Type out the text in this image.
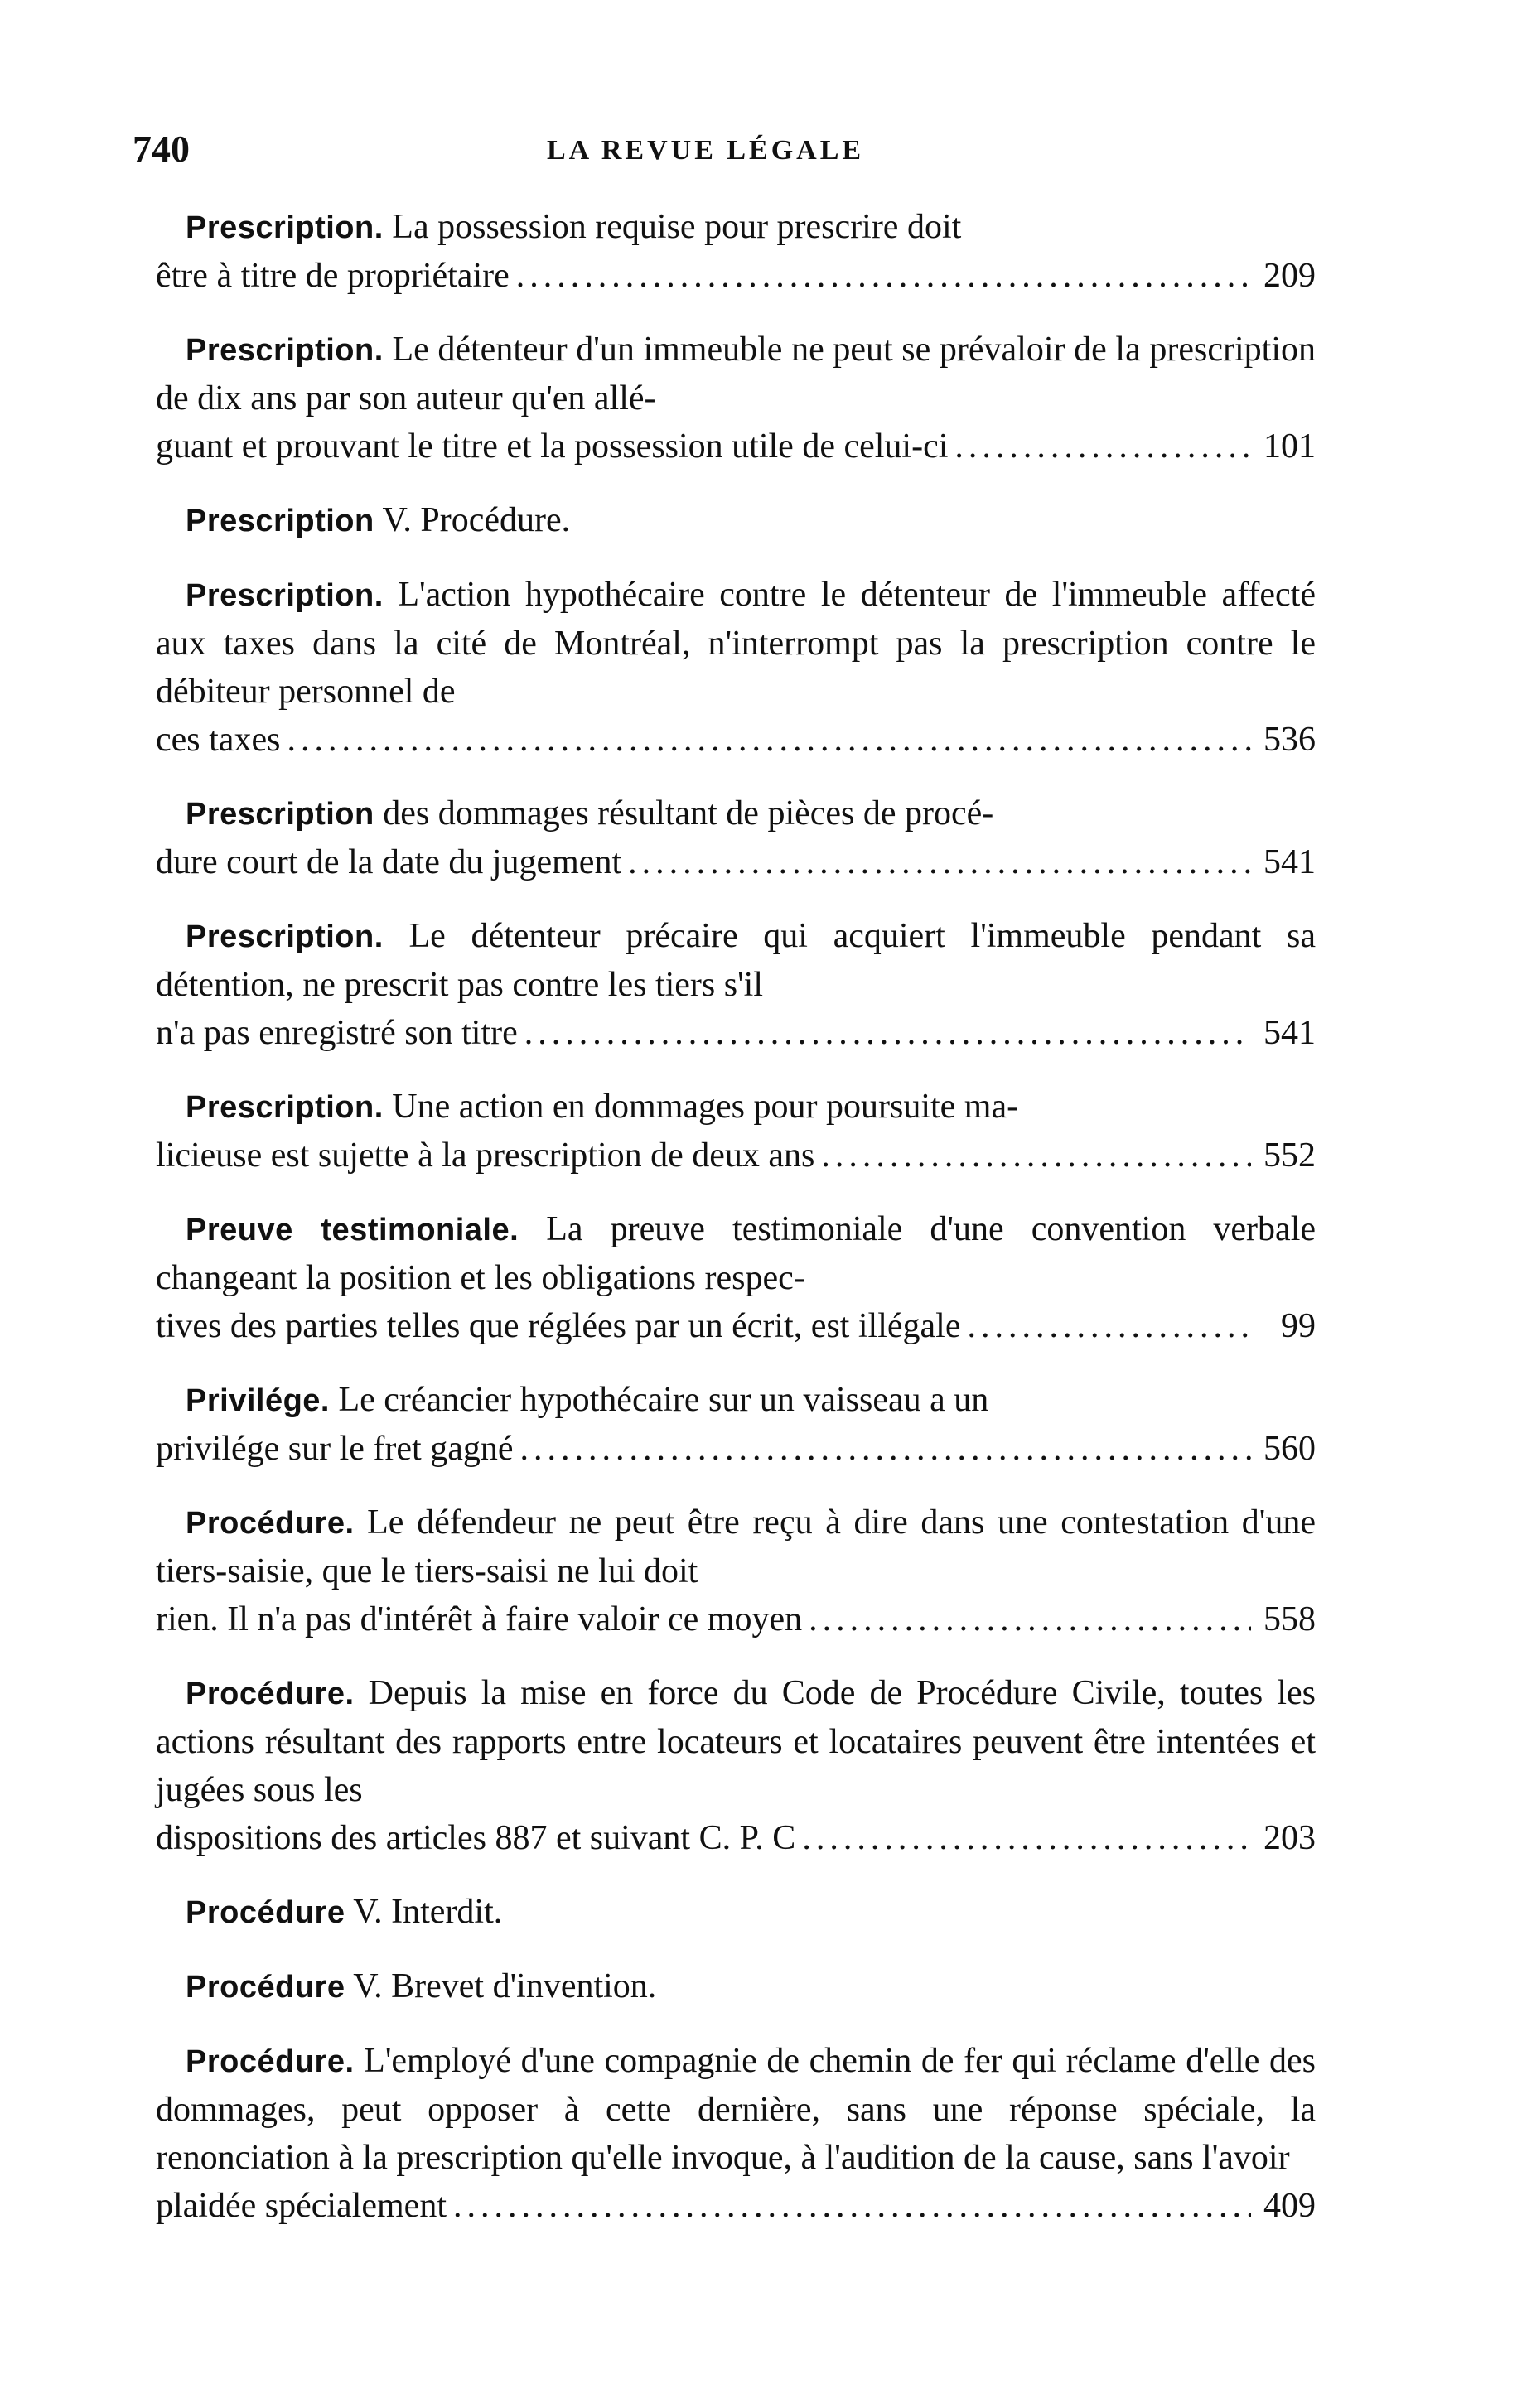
740	LA REVUE LÉGALE
Prescription. La possession requise pour prescrire doit
être à titre de propriétaire .....	209
Prescription. Le détenteur d'un immeuble ne peut se prévaloir de la prescription de dix ans par son auteur qu'en allé-
guant et prouvant le titre et la possession utile de celui-ci .....	101
Prescription V. Procédure.
Prescription. L'action hypothécaire contre le détenteur de l'immeuble affecté aux taxes dans la cité de Montréal, n'interrompt pas la prescription contre le débiteur personnel de
ces taxes .....	536
Prescription des dommages résultant de pièces de procé-
dure court de la date du jugement .....	541
Prescription. Le détenteur précaire qui acquiert l'immeuble pendant sa détention, ne prescrit pas contre les tiers s'il
n'a pas enregistré son titre .....	541
Prescription. Une action en dommages pour poursuite ma-
licieuse est sujette à la prescription de deux ans .....	552
Preuve testimoniale. La preuve testimoniale d'une convention verbale changeant la position et les obligations respec-
tives des parties telles que réglées par un écrit, est illégale .....	99
Privilége. Le créancier hypothécaire sur un vaisseau a un
privilége sur le fret gagné .....	560
Procédure. Le défendeur ne peut être reçu à dire dans une contestation d'une tiers-saisie, que le tiers-saisi ne lui doit
rien. Il n'a pas d'intérêt à faire valoir ce moyen .....	558
Procédure. Depuis la mise en force du Code de Procédure Civile, toutes les actions résultant des rapports entre locateurs et locataires peuvent être intentées et jugées sous les
dispositions des articles 887 et suivant C. P. C .....	203
Procédure V. Interdit.
Procédure V. Brevet d'invention.
Procédure. L'employé d'une compagnie de chemin de fer qui réclame d'elle des dommages, peut opposer à cette dernière, sans une réponse spéciale, la renonciation à la prescription qu'elle invoque, à l'audition de la cause, sans l'avoir
plaidée spécialement .....	409
